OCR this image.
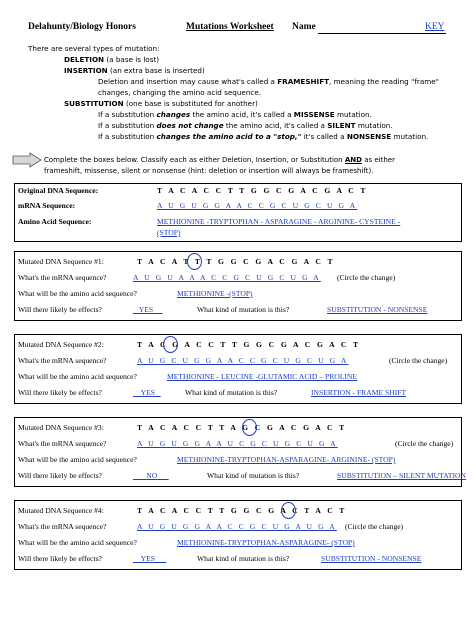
Delahunty/Biology Honors	Mutations Worksheet Name	KEY
There are several types of mutation:
DELETION (a base is lost)
INSERTION (an extra base is inserted)
Deletion and insertion may cause what's called a FRAMESHIFT, meaning the reading "frame"
changes, changing the amino acid sequence.
SUBSTITUTION (one base is substituted for another)
If a substitution changes the amino acid, it's called a MISSENSE mutation.
If a substitution does not change the amino acid, it's called a SILENT mutation.
If a substitution changes the amino acid to a "stop," it's called a NONSENSE mutation.
Complete the boxes below. Classify each as either Deletion, Insertion, or Substitution AND as either
frameshift, missense, silent or nonsense (hint: deletion or insertion will always be frameshift).
Original DNA Sequence:	T A C A C C T T G G C G A C G A C T
mRNA Sequence:	A U G U G G A A C C G C U G C U G A
Amino Acid Sequence:	METHIONINE -TRYPTOPHAN - ASPARAGINE - ARGININE- CYSTEINE -
(STOP)
Mutated DNA Sequence #1:	T A C A T T T G G C G A C G A C T
What's the mRNA sequence?	A U G U A A A C C G C U G C U G A (Circle the change)
What will be the amino acid sequence?	METHIONINE -(STOP)
Will there likely be effects?	YES	What kind of mutation is this?	SUBSTITUTION - NONSENSE
Mutated DNA Sequence #2:	T A C G A C C T T G G C G A C G A C T
What's the mRNA sequence?	A U G C U G G A A C C G C U G C U G A	(Circle the change)
What will be the amino acid sequence?	METHIONINE - LEUCINE -GLUTAMIC ACID – PROLINE
Will there likely be effects?	YES	What kind of mutation is this?	INSERTION - FRAME SHIFT
Mutated DNA Sequence #3:	T A C A C C T T A G C G A C G A C T
What's the mRNA sequence?	A U G U G G A A U C G C U G C U G A	(Circle the change)
What will be the amino acid sequence?	METHIONINE-TRYPTOPHAN-ASPARAGINE- ARGININE- (STOP)
Will there likely be effects?	NO	What kind of mutation is this?	SUBSTITUTION – SILENT MUTATION
Mutated DNA Sequence #4:	T A C A C C T T G G C G A C T A C T
What's the mRNA sequence?	A U G U G G A A C C G C U G A U G A (Circle the change)
What will be the amino acid sequence?	METHIONINE-TRYPTOPHAN-ASPARAGINE- (STOP)
Will there likely be effects?	YES	What kind of mutation is this?	SUBSTITUTION - NONSENSE
